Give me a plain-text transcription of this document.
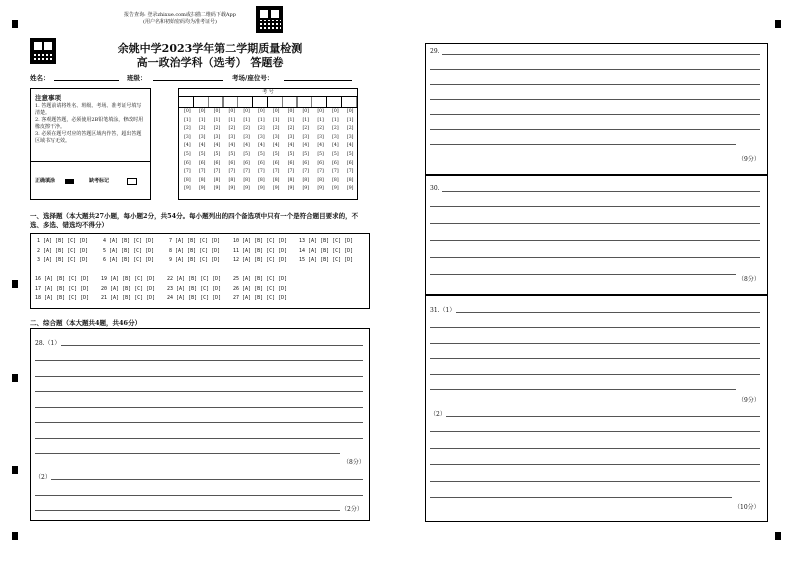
报告查询: 登录zhixue.com或扫描二维码下载App
(用户名和初始密码均为准考证号)
余姚中学2023学年第二学期质量检测
高一政治学科（选考） 答题卷
姓名：	班级：	考场/座位号：
注意事项
1. 答题前请将姓名、班级、考场、准考证号填写清楚。
2. 客观题答题，必须使用2B铅笔填涂，修改时用橡皮擦干净。
3. 必须在题号对应的答题区域内作答，超出答题区域书写无效。
正确填涂	缺考标记
考 号
[0]	[0]	[0]	[0]	[0]	[0]	[0]	[0]	[0]	[0]	[0]	[0]
[1]	[1]	[1]	[1]	[1]	[1]	[1]	[1]	[1]	[1]	[1]	[1]
[2]	[2]	[2]	[2]	[2]	[2]	[2]	[2]	[2]	[2]	[2]	[2]
[3]	[3]	[3]	[3]	[3]	[3]	[3]	[3]	[3]	[3]	[3]	[3]
[4]	[4]	[4]	[4]	[4]	[4]	[4]	[4]	[4]	[4]	[4]	[4]
[5]	[5]	[5]	[5]	[5]	[5]	[5]	[5]	[5]	[5]	[5]	[5]
[6]	[6]	[6]	[6]	[6]	[6]	[6]	[6]	[6]	[6]	[6]	[6]
[7]	[7]	[7]	[7]	[7]	[7]	[7]	[7]	[7]	[7]	[7]	[7]
[8]	[8]	[8]	[8]	[8]	[8]	[8]	[8]	[8]	[8]	[8]	[8]
[9]	[9]	[9]	[9]	[9]	[9]	[9]	[9]	[9]	[9]	[9]	[9]
一、选择题（本大题共27小题，每小题2分，共54分。每小题列出的四个备选项中只有一个是符合题目要求的，不选、多选、错选均不得分）
1 [A] [B] [C] [D]
2 [A] [B] [C] [D]
3 [A] [B] [C] [D]
4 [A] [B] [C] [D]
5 [A] [B] [C] [D]
6 [A] [B] [C] [D]
7 [A] [B] [C] [D]
8 [A] [B] [C] [D]
9 [A] [B] [C] [D]
10 [A] [B] [C] [D]
11 [A] [B] [C] [D]
12 [A] [B] [C] [D]
13 [A] [B] [C] [D]
14 [A] [B] [C] [D]
15 [A] [B] [C] [D]
16 [A] [B] [C] [D]
17 [A] [B] [C] [D]
18 [A] [B] [C] [D]
19 [A] [B] [C] [D]
20 [A] [B] [C] [D]
21 [A] [B] [C] [D]
22 [A] [B] [C] [D]
23 [A] [B] [C] [D]
24 [A] [B] [C] [D]
25 [A] [B] [C] [D]
26 [A] [B] [C] [D]
27 [A] [B] [C] [D]
二、综合题（本大题共4题，共46分）
28.（1）
（8分）
（2）
（2分）
29.
（9分）
30.
（8分）
31.（1）
（9分）
（2）
（10分）
